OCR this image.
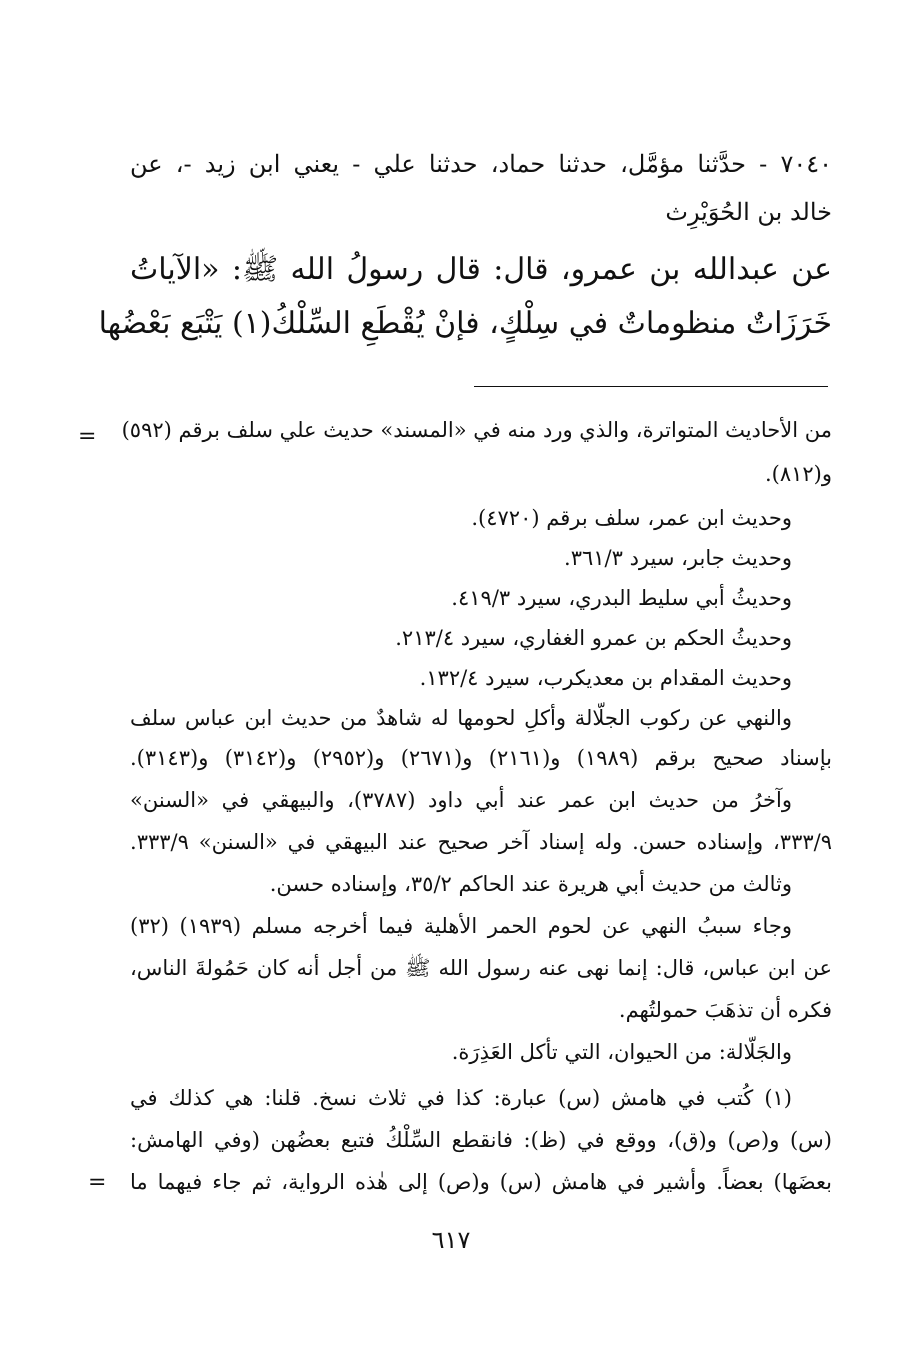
٧٠٤٠ - حدَّثنا مؤمَّل، حدثنا حماد، حدثنا علي - يعني ابن زيد -، عن
خالد بن الحُوَيْرِث
عن عبدالله بن عمرو، قال: قال رسولُ الله ﷺ: «الآياتُ
خَرَزَاتٌ منظوماتٌ في سِلْكٍ، فإنْ يُقْطَعِ السِّلْكُ(١) يَتْبَع بَعْضُها
= من الأحاديث المتواترة، والذي ورد منه في «المسند» حديث علي سلف برقم (٥٩٢)
و(٨١٢).
وحديث ابن عمر، سلف برقم (٤٧٢٠).
وحديث جابر، سيرد ٣٦١/٣.
وحديثُ أبي سليط البدري، سيرد ٤١٩/٣.
وحديثُ الحكم بن عمرو الغفاري، سيرد ٢١٣/٤.
وحديث المقدام بن معديكرب، سيرد ١٣٢/٤.
والنهي عن ركوب الجلّالة وأكلِ لحومها له شاهدٌ من حديث ابن عباس سلف
بإسناد صحيح برقم (١٩٨٩) و(٢١٦١) و(٢٦٧١) و(٢٩٥٢) و(٣١٤٢) و(٣١٤٣).
وآخرُ من حديث ابن عمر عند أبي داود (٣٧٨٧)، والبيهقي في «السنن»
٣٣٣/٩، وإسناده حسن. وله إسناد آخر صحيح عند البيهقي في «السنن» ٣٣٣/٩.
وثالث من حديث أبي هريرة عند الحاكم ٣٥/٢، وإسناده حسن.
وجاء سببُ النهي عن لحوم الحمر الأهلية فيما أخرجه مسلم (١٩٣٩) (٣٢)
عن ابن عباس، قال: إنما نهى عنه رسول الله ﷺ من أجل أنه كان حَمُولةَ الناس،
فكره أن تذهَبَ حمولتُهم.
والجَلّالة: من الحيوان، التي تأكل العَذِرَة.
(١) كُتب في هامش (س) عبارة: كذا في ثلاث نسخ. قلنا: هي كذلك في
(س) و(ص) و(ق)، ووقع في (ظ): فانقطع السِّلْكُ فتبع بعضُهن (وفي الهامش:
بعضَها) بعضاً. وأشير في هامش (س) و(ص) إلى هٰذه الرواية، ثم جاء فيهما ما
=
٦١٧
